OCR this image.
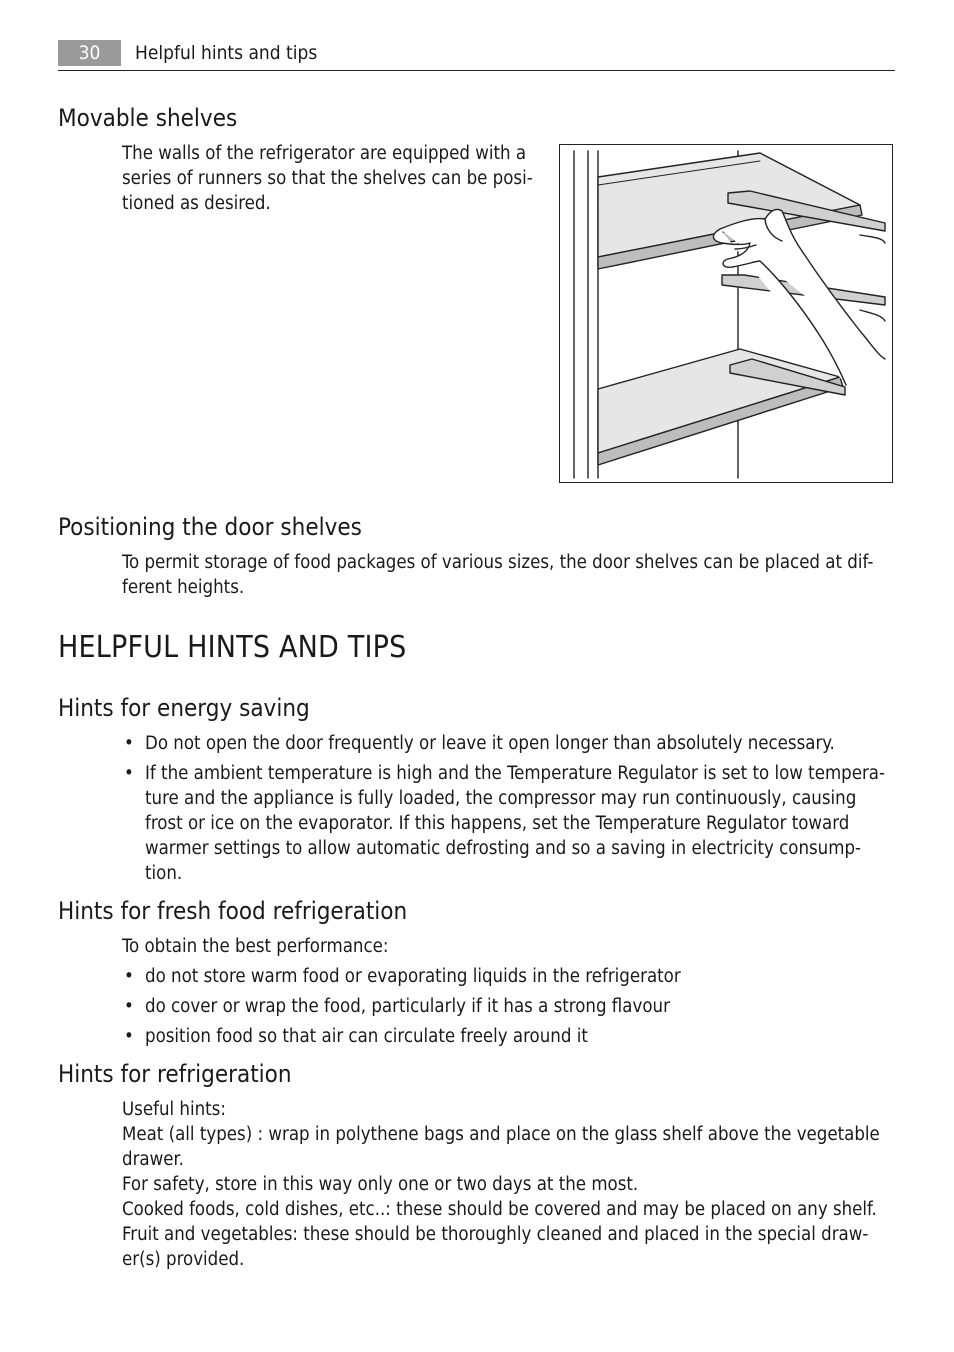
30	Helpful hints and tips
Movable shelves

The walls of the refrigerator are equipped with a series of runners so that the shelves can be posi- tioned as desired.

Positioning the door shelves

To permit storage of food packages of various sizes, the door shelves can be placed at dif- ferent heights.

HELPFUL HINTS AND TIPS
Hints for energy saving
• Do not open the door frequently or leave it open longer than absolutely necessary.
• If the ambient temperature is high and the Temperature Regulator is set to low tempera- ture and the appliance is fully loaded, the compressor may run continuously, causing frost or ice on the evaporator. If this happens, set the Temperature Regulator toward warmer settings to allow automatic defrosting and so a saving in electricity consump- tion.
Hints for fresh food refrigeration

To obtain the best performance:

• do not store warm food or evaporating liquids in the refrigerator
• do cover or wrap the food, particularly if it has a strong flavour
• position food so that air can circulate freely around it
Hints for refrigeration
Useful hints:
Meat (all types) : wrap in polythene bags and place on the glass shelf above the vegetable drawer.
For safety, store in this way only one or two days at the most.
Cooked foods, cold dishes, etc..: these should be covered and may be placed on any shelf.
Fruit and vegetables: these should be thoroughly cleaned and placed in the special draw- er(s) provided.
